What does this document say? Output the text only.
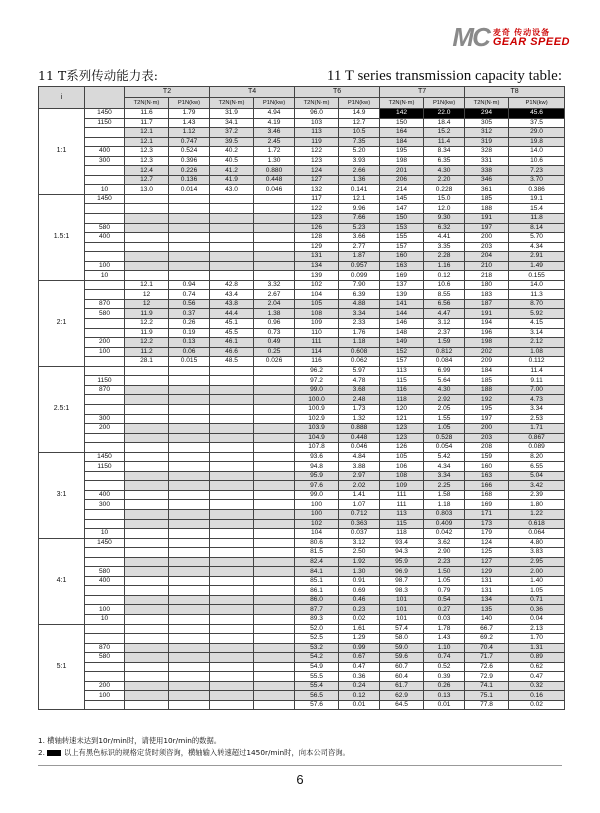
MC 麦奇 传动设备
GEAR SPEED
11 T系列传动能力表:	11 T series transmission capacity table:
i		T2		T4		T6		T7		T8	
		T2N(N·m)	P1N(kw)	T2N(N·m)	P1N(kw)	T2N(N·m)	P1N(kw)	T2N(N·m)	P1N(kw)	T2N(N·m)	P1N(kw)
1:1	1450	11.6	1.79	31.9	4.94	96.0	14.9	142	22.0	294	45.6
	1150	11.7	1.43	34.1	4.19	103	12.7	150	18.4	305	37.5
		12.1	1.12	37.2	3.46	113	10.5	164	15.2	312	29.0
		12.1	0.747	39.5	2.45	119	7.35	184	11.4	319	19.8
	400	12.3	0.524	40.2	1.72	122	5.20	195	8.34	328	14.0
	300	12.3	0.396	40.5	1.30	123	3.93	198	6.35	331	10.6
		12.4	0.226	41.2	0.880	124	2.66	201	4.30	338	7.23
		12.7	0.136	41.9	0.448	127	1.36	206	2.20	346	3.70
	10	13.0	0.014	43.0	0.046	132	0.141	214	0.228	361	0.386
1.5:1	1450					117	12.1	145	15.0	185	19.1
						122	9.96	147	12.0	188	15.4
						123	7.66	150	9.30	191	11.8
	580					126	5.23	153	6.32	197	8.14
	400					128	3.66	155	4.41	200	5.70
						129	2.77	157	3.35	203	4.34
						131	1.87	160	2.28	204	2.91
	100					134	0.957	163	1.16	210	1.49
	10					139	0.099	169	0.12	218	0.155
2:1		12.1	0.94	42.8	3.32	102	7.90	137	10.6	180	14.0
		12	0.74	43.4	2.67	104	6.39	139	8.55	183	11.3
	870	12	0.56	43.8	2.04	105	4.88	141	6.56	187	8.70
	580	11.9	0.37	44.4	1.38	108	3.34	144	4.47	191	5.92
		12.2	0.26	45.1	0.96	109	2.33	146	3.12	194	4.15
		11.9	0.19	45.5	0.73	110	1.76	148	2.37	196	3.14
	200	12.2	0.13	46.1	0.49	111	1.18	149	1.59	198	2.12
	100	11.2	0.06	46.6	0.25	114	0.608	152	0.812	202	1.08
		28.1	0.015	48.5	0.026	116	0.062	157	0.084	209	0.112
2.5:1						96.2	5.97	113	6.99	184	11.4
	1150					97.2	4.78	115	5.64	185	9.11
	870					99.0	3.68	116	4.30	188	7.00
						100.0	2.48	118	2.92	192	4.73
						100.9	1.73	120	2.05	195	3.34
	300					102.9	1.32	121	1.55	197	2.53
	200					103.9	0.888	123	1.05	200	1.71
						104.9	0.448	123	0.528	203	0.867
						107.8	0.046	126	0.054	208	0.089
3:1	1450					93.6	4.84	105	5.42	159	8.20
	1150					94.8	3.88	106	4.34	160	6.55
						95.9	2.97	108	3.34	163	5.04
						97.6	2.02	109	2.25	166	3.42
	400					99.0	1.41	111	1.58	168	2.39
	300					100	1.07	111	1.18	169	1.80
						100	0.712	113	0.803	171	1.22
						102	0.363	115	0.409	173	0.618
	10					104	0.037	118	0.042	179	0.064
4:1	1450					80.6	3.12	93.4	3.62	124	4.80
						81.5	2.50	94.3	2.90	125	3.83
						82.4	1.92	95.9	2.23	127	2.95
	580					84.1	1.30	96.9	1.50	129	2.00
	400					85.1	0.91	98.7	1.05	131	1.40
						86.1	0.69	98.3	0.79	131	1.05
						86.0	0.46	101	0.54	134	0.71
	100					87.7	0.23	101	0.27	135	0.36
	10					89.3	0.02	101	0.03	140	0.04
5:1						52.0	1.61	57.4	1.78	66.7	2.13
						52.5	1.29	58.0	1.43	69.2	1.70
	870					53.2	0.99	59.0	1.10	70.4	1.31
	580					54.2	0.67	59.6	0.74	71.7	0.89
						54.9	0.47	60.7	0.52	72.6	0.62
						55.5	0.36	60.4	0.39	72.9	0.47
	200					55.4	0.24	61.7	0.26	74.1	0.32
	100					56.5	0.12	62.9	0.13	75.1	0.16
						57.6	0.01	64.5	0.01	77.8	0.02
1. 横轴转速未达到10r/min时，请使用10r/min的数据。
2.	以上有黑色标识的规格定货时须咨询，横轴输入转速超过1450r/min时，向本公司咨询。
6
